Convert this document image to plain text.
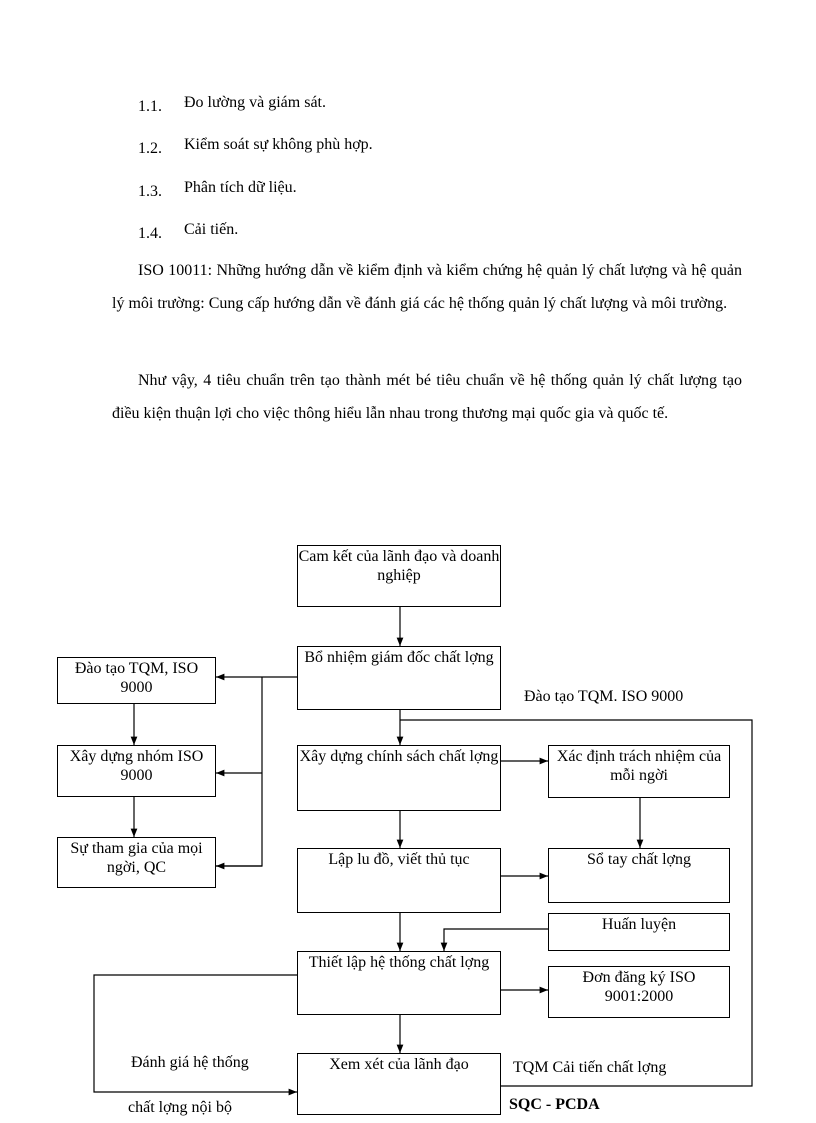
1.1. Đo lường và giám sát.
1.2. Kiểm soát sự không phù hợp.
1.3. Phân tích dữ liệu.
1.4. Cải tiến.

ISO 10011: Những hướng dẫn về kiểm định và kiểm chứng hệ quản lý chất lượng và hệ quản lý môi trường: Cung cấp hướng dẫn về đánh giá các hệ thống quản lý chất lượng và môi trường.

Như vậy, 4 tiêu chuẩn trên tạo thành mét bé tiêu chuẩn về hệ thống quản lý chất lượng tạo điều kiện thuận lợi cho việc thông hiểu lẫn nhau trong thương mại quốc gia và quốc tế.

Cam kết của lãnh đạo và doanh nghiệp
Bổ nhiệm giám đốc chất lợng
Đào tạo TQM, ISO 9000
Xây dựng nhóm ISO 9000
Sự tham gia của mọi ngời, QC
Xây dựng chính sách chất lợng	Xác định trách nhiệm của mỗi ngời
Lập lu đồ, viết thủ tục	Sổ tay chất lợng
Huấn luyện
Thiết lập hệ thống chất lợng
Đơn đăng ký ISO 9001:2000
Xem xét của lãnh đạo
Đào tạo TQM. ISO 9000
Đánh giá hệ thống
chất lợng nội bộ
TQM Cải tiến chất lợng
SQC - PCDA
